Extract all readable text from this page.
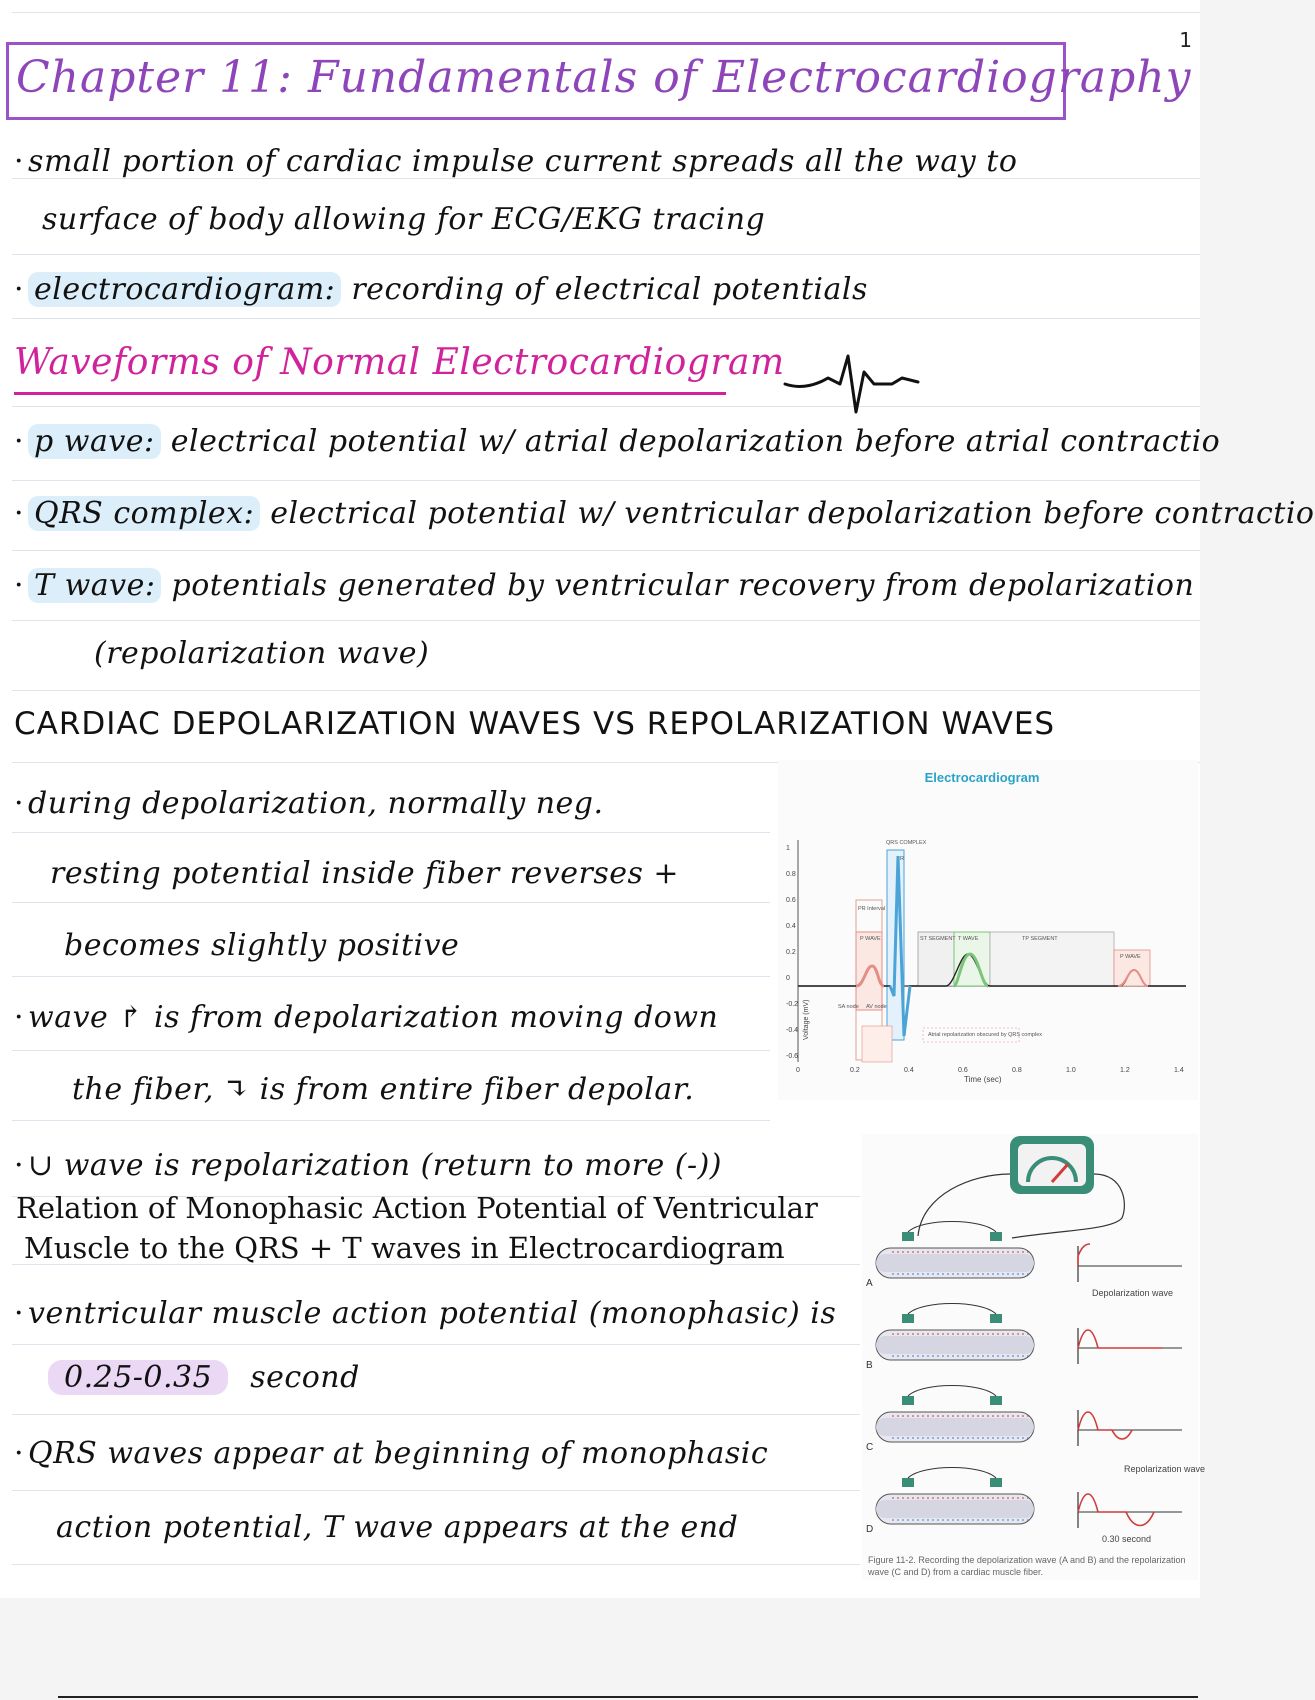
1
Chapter 11: Fundamentals of Electrocardiography
· small portion of cardiac impulse current spreads all the way to
surface of body allowing for ECG/EKG tracing
· electrocardiogram: recording of electrical potentials
Waveforms of Normal Electrocardiogram
· p wave: electrical potential w/ atrial depolarization before atrial contractio
· QRS complex: electrical potential w/ ventricular depolarization before contractio
· T wave: potentials generated by ventricular recovery from depolarization
(repolarization wave)
CARDIAC DEPOLARIZATION WAVES VS REPOLARIZATION WAVES
· during depolarization, normally neg.
resting potential inside fiber reverses +
becomes slightly positive
· wave ↱ is from depolarization moving down
the fiber, ↴ is from entire fiber depolar.
· ∪ wave is repolarization (return to more (-))
Relation of Monophasic Action Potential of Ventricular
Muscle to the QRS + T waves in Electrocardiogram
· ventricular muscle action potential (monophasic) is
0.25-0.35 second
· QRS waves appear at beginning of monophasic
action potential, T wave appears at the end
Electrocardiogram
1
0.8
0.6
0.4
0.2
0
-0.2
-0.4
-0.6
0	0.2	0.4	0.6	0.8	1.0	1.2	1.4
Voltage (mV)
Time (sec)
QRS COMPLEX
PR Interval
P WAVE	ST SEGMENT T WAVE	TP SEGMENT
P WAVE
R
SA node AV node
Atrial repolarization obscured by QRS complex
A
B
C
D
Depolarization wave
Repolarization wave
0.30 second
Figure 11-2. Recording the depolarization wave (A and B) and the repolarization wave (C and D) from a cardiac muscle fiber.
